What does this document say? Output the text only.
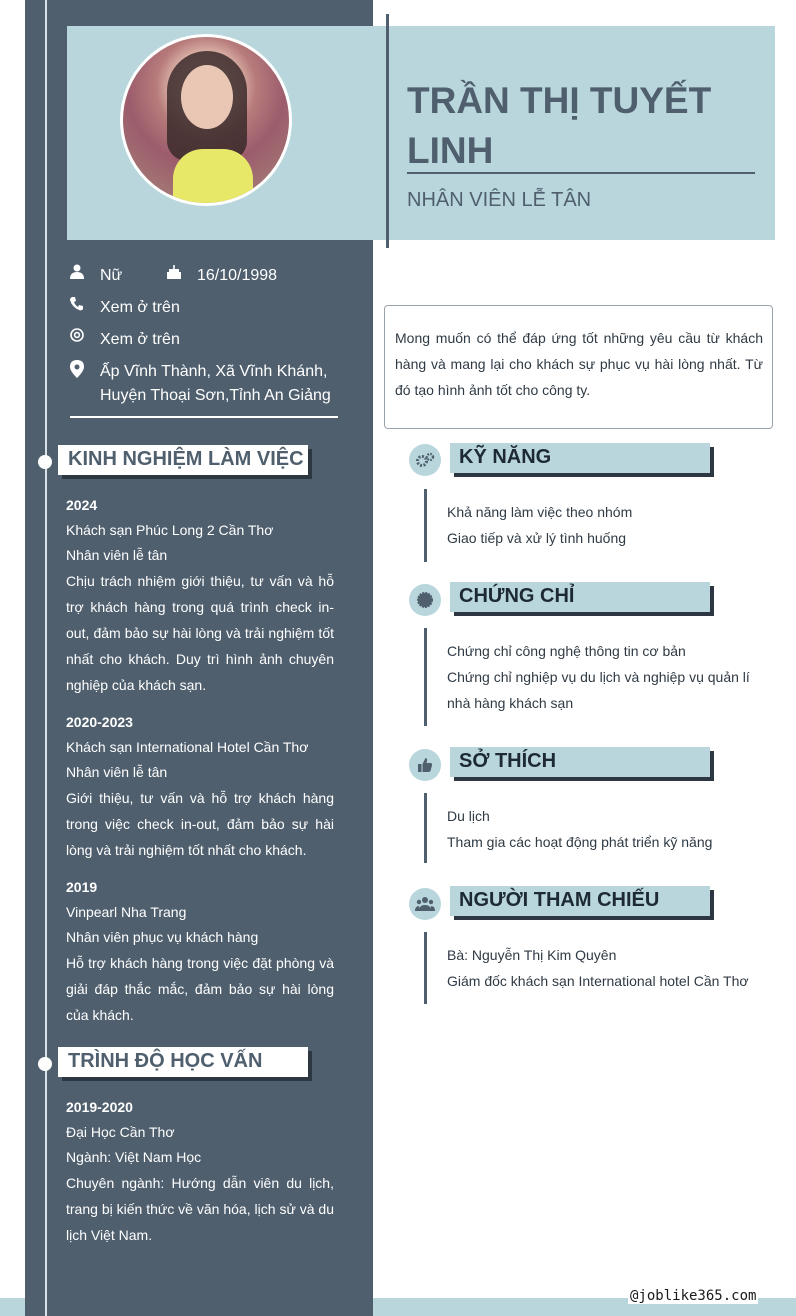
TRẦN THỊ TUYẾT LINH
NHÂN VIÊN LỄ TÂN
Nữ	16/10/1998
Xem ở trên
Xem ở trên
Ấp Vĩnh Thành, Xã Vĩnh Khánh,
Huyện Thoại Sơn,Tỉnh An Giảng
KINH NGHIỆM LÀM VIỆC
2024
Khách sạn Phúc Long 2 Cần Thơ
Nhân viên lễ tân
Chịu trách nhiệm giới thiệu, tư vấn và hỗ trợ khách hàng trong quá trình check in-out, đảm bảo sự hài lòng và trải nghiệm tốt nhất cho khách. Duy trì hình ảnh chuyên nghiệp của khách sạn.
2020-2023
Khách sạn International Hotel Cần Thơ
Nhân viên lễ tân
Giới thiệu, tư vấn và hỗ trợ khách hàng trong việc check in-out, đảm bảo sự hài lòng và trải nghiệm tốt nhất cho khách.
2019
Vinpearl Nha Trang
Nhân viên phục vụ khách hàng
Hỗ trợ khách hàng trong việc đặt phòng và giải đáp thắc mắc, đảm bảo sự hài lòng của khách.
TRÌNH ĐỘ HỌC VẤN
2019-2020
Đại Học Cần Thơ
Ngành: Việt Nam Học
Chuyên ngành: Hướng dẫn viên du lịch, trang bị kiến thức về văn hóa, lịch sử và du lịch Việt Nam.
Mong muốn có thể đáp ứng tốt những yêu cầu từ khách hàng và mang lại cho khách sự phục vụ hài lòng nhất. Từ đó tạo hình ảnh tốt cho công ty.
KỸ NĂNG
Khả năng làm việc theo nhóm
Giao tiếp và xử lý tình huống
CHỨNG CHỈ
Chứng chỉ công nghệ thông tin cơ bản
Chứng chỉ nghiệp vụ du lịch và nghiệp vụ quản lí nhà hàng khách sạn
SỞ THÍCH
Du lịch
Tham gia các hoạt động phát triển kỹ năng
NGƯỜI THAM CHIẾU
Bà: Nguyễn Thị Kim Quyên
Giám đốc khách sạn International hotel Cần Thơ
@joblike365.com
